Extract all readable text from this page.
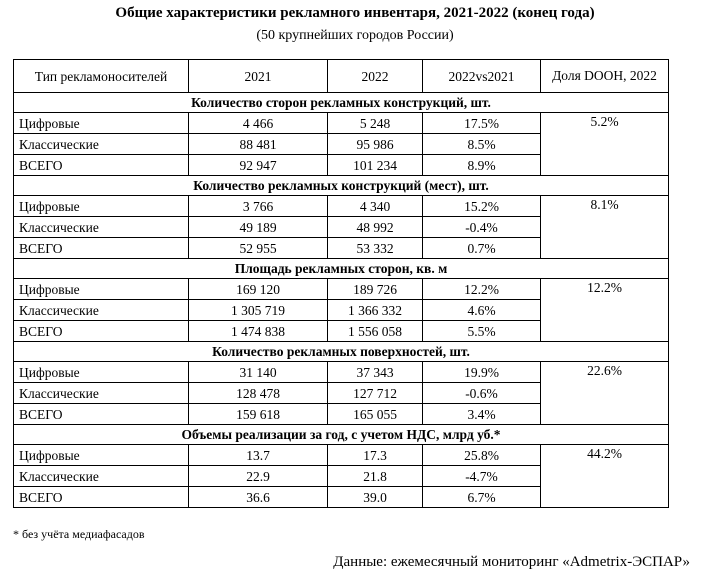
Общие характеристики рекламного инвентаря, 2021-2022 (конец года)
(50 крупнейших городов России)
Тип рекламоносителей	2021	2022	2022vs2021	Доля DOOH, 2022
Количество сторон рекламных конструкций, шт.				
Цифровые	4 466	5 248	17.5%	5.2%
Классические	88 481	95 986	8.5%	
ВСЕГО	92 947	101 234	8.9%	
Количество рекламных конструкций (мест), шт.				
Цифровые	3 766	4 340	15.2%	8.1%
Классические	49 189	48 992	-0.4%	
ВСЕГО	52 955	53 332	0.7%	
Площадь рекламных сторон, кв. м				
Цифровые	169 120	189 726	12.2%	12.2%
Классические	1 305 719	1 366 332	4.6%	
ВСЕГО	1 474 838	1 556 058	5.5%	
Количество рекламных поверхностей, шт.				
Цифровые	31 140	37 343	19.9%	22.6%
Классические	128 478	127 712	-0.6%	
ВСЕГО	159 618	165 055	3.4%	
Объемы реализации за год, с учетом НДС, млрд уб.*				
Цифровые	13.7	17.3	25.8%	44.2%
Классические	22.9	21.8	-4.7%	
ВСЕГО	36.6	39.0	6.7%	
* без учёта медиафасадов
Данные: ежемесячный мониторинг «Admetrix-ЭСПАР»
